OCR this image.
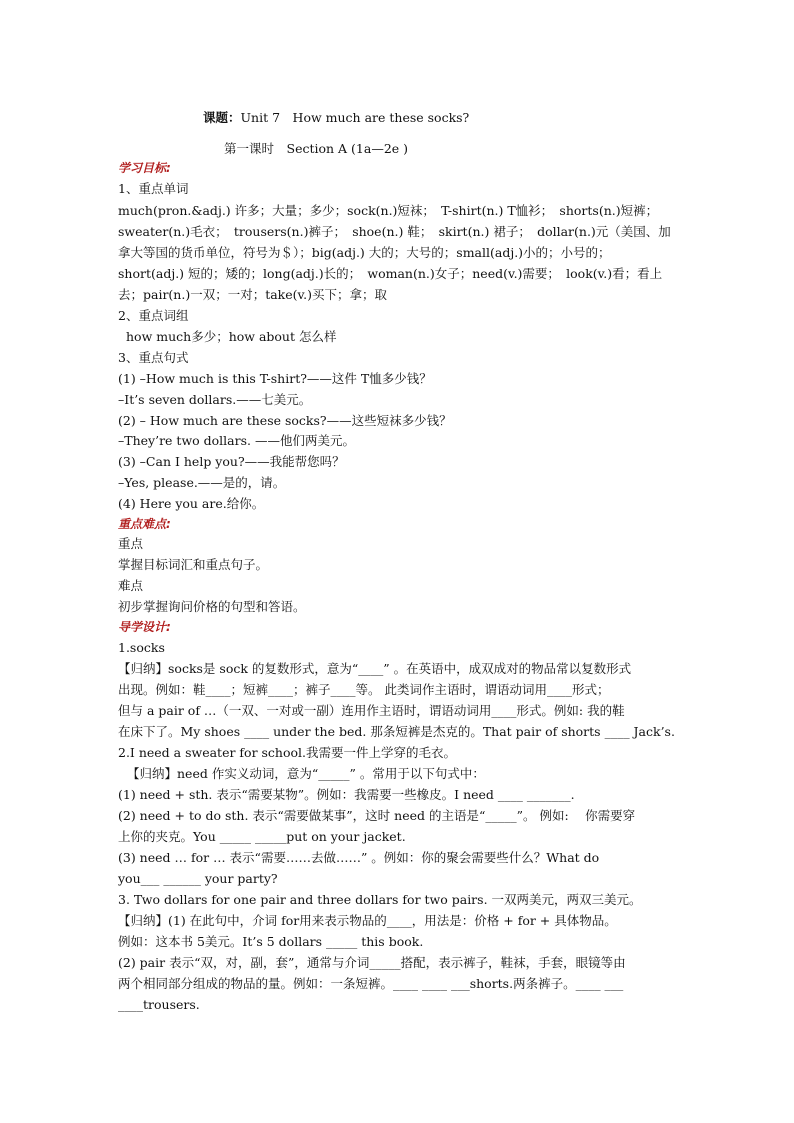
课题：Unit 7　How much are these socks?
第一课时　Section A (1a—2e )
学习目标:
1、重点单词
much(pron.&adj.) 许多；大量；多少；sock(n.)短袜；　T-shirt(n.) T恤衫；　shorts(n.)短裤；
sweater(n.)毛衣；　trousers(n.)裤子；　shoe(n.) 鞋；　skirt(n.) 裙子；　dollar(n.)元（美国、加
拿大等国的货币单位，符号为＄）；big(adj.) 大的；大号的；small(adj.)小的；小号的；
short(adj.) 短的；矮的；long(adj.)长的；　woman(n.)女子；need(v.)需要；　look(v.)看；看上
去；pair(n.)一双；一对；take(v.)买下；拿；取
2、重点词组
how much多少；how about 怎么样
3、重点句式
(1) –How much is this T-shirt?——这件 T恤多少钱？
–It’s seven dollars.——七美元。
(2) – How much are these socks?——这些短袜多少钱？
–They’re two dollars. ——他们两美元。
(3) –Can I help you?——我能帮您吗？
–Yes, please.——是的，请。
(4) Here you are.给你。
重点难点:
重点
掌握目标词汇和重点句子。
难点
初步掌握询问价格的句型和答语。
导学设计:
1.socks
【归纳】socks是 sock 的复数形式，意为“____” 。在英语中，成双成对的物品常以复数形式
出现。例如：鞋____；短裤____；裤子____等。 此类词作主语时，谓语动词用____形式；
但与 a pair of …（一双、一对或一副）连用作主语时，谓语动词用____形式。例如: 我的鞋
在床下了。My shoes ____ under the bed. 那条短裤是杰克的。That pair of shorts ____ Jack’s.
2.I need a sweater for school.我需要一件上学穿的毛衣。
【归纳】need 作实义动词，意为“_____” 。常用于以下句式中：
(1) need + sth. 表示“需要某物”。例如：我需要一些橡皮。I need ____ _______.
(2) need + to do sth. 表示“需要做某事”，这时 need 的主语是“_____”。 例如:　 你需要穿
上你的夹克。You _____ _____put on your jacket.
(3) need … for … 表示“需要……去做……” 。例如：你的聚会需要些什么？What do
you___ ______ your party?
3. Two dollars for one pair and three dollars for two pairs. 一双两美元，两双三美元。
【归纳】(1) 在此句中，介词 for用来表示物品的____，用法是：价格 + for + 具体物品。
例如：这本书 5美元。It’s 5 dollars _____ this book.
(2) pair 表示“双，对，副，套”，通常与介词_____搭配，表示裤子，鞋袜，手套，眼镜等由
两个相同部分组成的物品的量。例如：一条短裤。____ ____ ___shorts.两条裤子。____ ___
____trousers.
